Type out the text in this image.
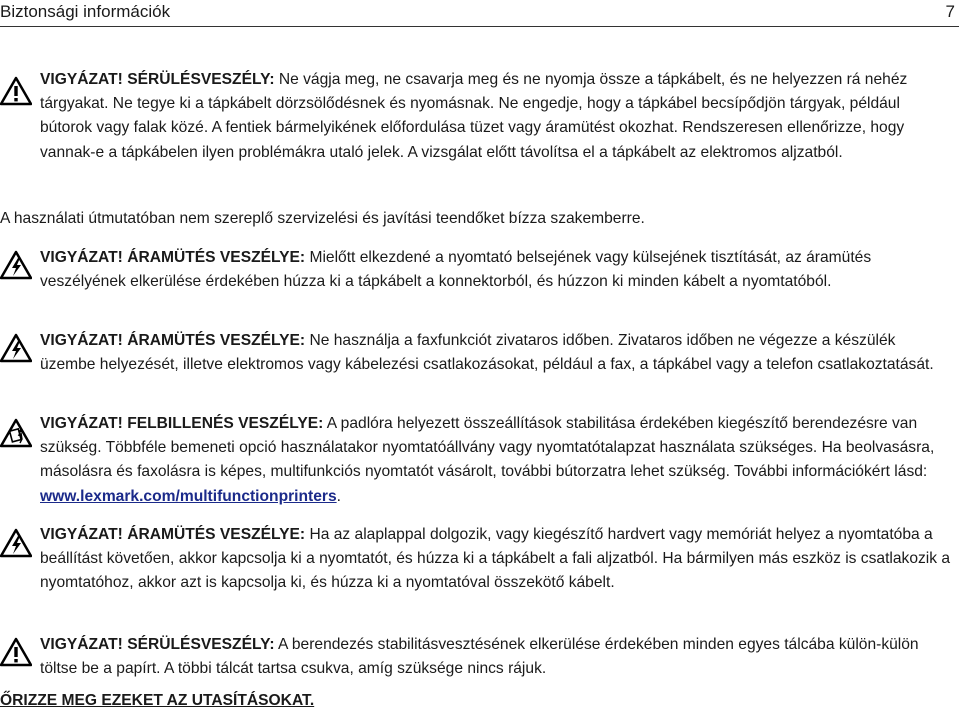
Biztonsági információk	7
VIGYÁZAT! SÉRÜLÉSVESZÉLY: Ne vágja meg, ne csavarja meg és ne nyomja össze a tápkábelt, és ne helyezzen rá nehéz tárgyakat. Ne tegye ki a tápkábelt dörzsölődésnek és nyomásnak. Ne engedje, hogy a tápkábel becsípődjön tárgyak, például bútorok vagy falak közé. A fentiek bármelyikének előfordulása tüzet vagy áramütést okozhat. Rendszeresen ellenőrizze, hogy vannak-e a tápkábelen ilyen problémákra utaló jelek. A vizsgálat előtt távolítsa el a tápkábelt az elektromos aljzatból.
A használati útmutatóban nem szereplő szervizelési és javítási teendőket bízza szakemberre.
VIGYÁZAT! ÁRAMÜTÉS VESZÉLYE: Mielőtt elkezdené a nyomtató belsejének vagy külsejének tisztítását, az áramütés veszélyének elkerülése érdekében húzza ki a tápkábelt a konnektorból, és húzzon ki minden kábelt a nyomtatóból.
VIGYÁZAT! ÁRAMÜTÉS VESZÉLYE: Ne használja a faxfunkciót zivataros időben. Zivataros időben ne végezze a készülék üzembe helyezését, illetve elektromos vagy kábelezési csatlakozásokat, például a fax, a tápkábel vagy a telefon csatlakoztatását.
VIGYÁZAT! FELBILLENÉS VESZÉLYE: A padlóra helyezett összeállítások stabilitása érdekében kiegészítő berendezésre van szükség. Többféle bemeneti opció használatakor nyomtatóállvány vagy nyomtatótalapzat használata szükséges. Ha beolvasásra, másolásra és faxolásra is képes, multifunkciós nyomtatót vásárolt, további bútorzatra lehet szükség. További információkért lásd: www.lexmark.com/multifunctionprinters.
VIGYÁZAT! ÁRAMÜTÉS VESZÉLYE: Ha az alaplappal dolgozik, vagy kiegészítő hardvert vagy memóriát helyez a nyomtatóba a beállítást követően, akkor kapcsolja ki a nyomtatót, és húzza ki a tápkábelt a fali aljzatból. Ha bármilyen más eszköz is csatlakozik a nyomtatóhoz, akkor azt is kapcsolja ki, és húzza ki a nyomtatóval összekötő kábelt.
VIGYÁZAT! SÉRÜLÉSVESZÉLY: A berendezés stabilitásvesztésének elkerülése érdekében minden egyes tálcába külön-külön töltse be a papírt. A többi tálcát tartsa csukva, amíg szüksége nincs rájuk.
ŐRIZZE MEG EZEKET AZ UTASÍTÁSOKAT.
